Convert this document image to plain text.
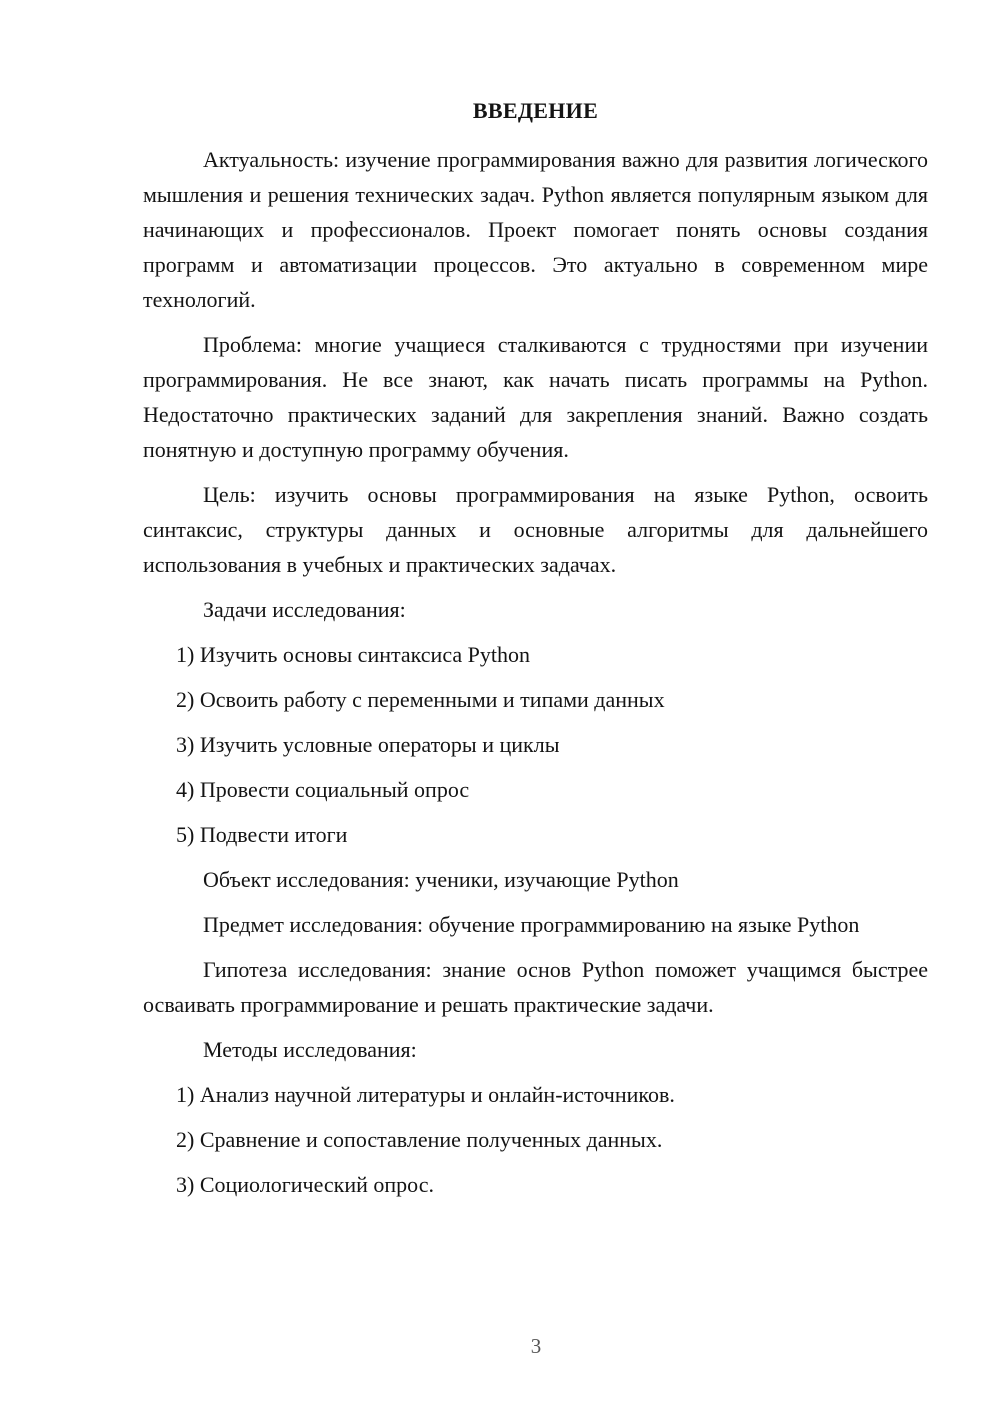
ВВЕДЕНИЕ

Актуальность: изучение программирования важно для развития логического мышления и решения технических задач. Python является популярным языком для начинающих и профессионалов. Проект помогает понять основы создания программ и автоматизации процессов. Это актуально в современном мире технологий.

Проблема: многие учащиеся сталкиваются с трудностями при изучении программирования. Не все знают, как начать писать программы на Python. Недостаточно практических заданий для закрепления знаний. Важно создать понятную и доступную программу обучения.

Цель: изучить основы программирования на языке Python, освоить синтаксис, структуры данных и основные алгоритмы для дальнейшего использования в учебных и практических задачах.

Задачи исследования:

1) Изучить основы синтаксиса Python

2) Освоить работу с переменными и типами данных

3) Изучить условные операторы и циклы

4) Провести социальный опрос

5) Подвести итоги

Объект исследования: ученики, изучающие Python

Предмет исследования: обучение программированию на языке Python

Гипотеза исследования: знание основ Python поможет учащимся быстрее осваивать программирование и решать практические задачи.

Методы исследования:

1) Анализ научной литературы и онлайн-источников.

2) Сравнение и сопоставление полученных данных.

3) Социологический опрос.

3
